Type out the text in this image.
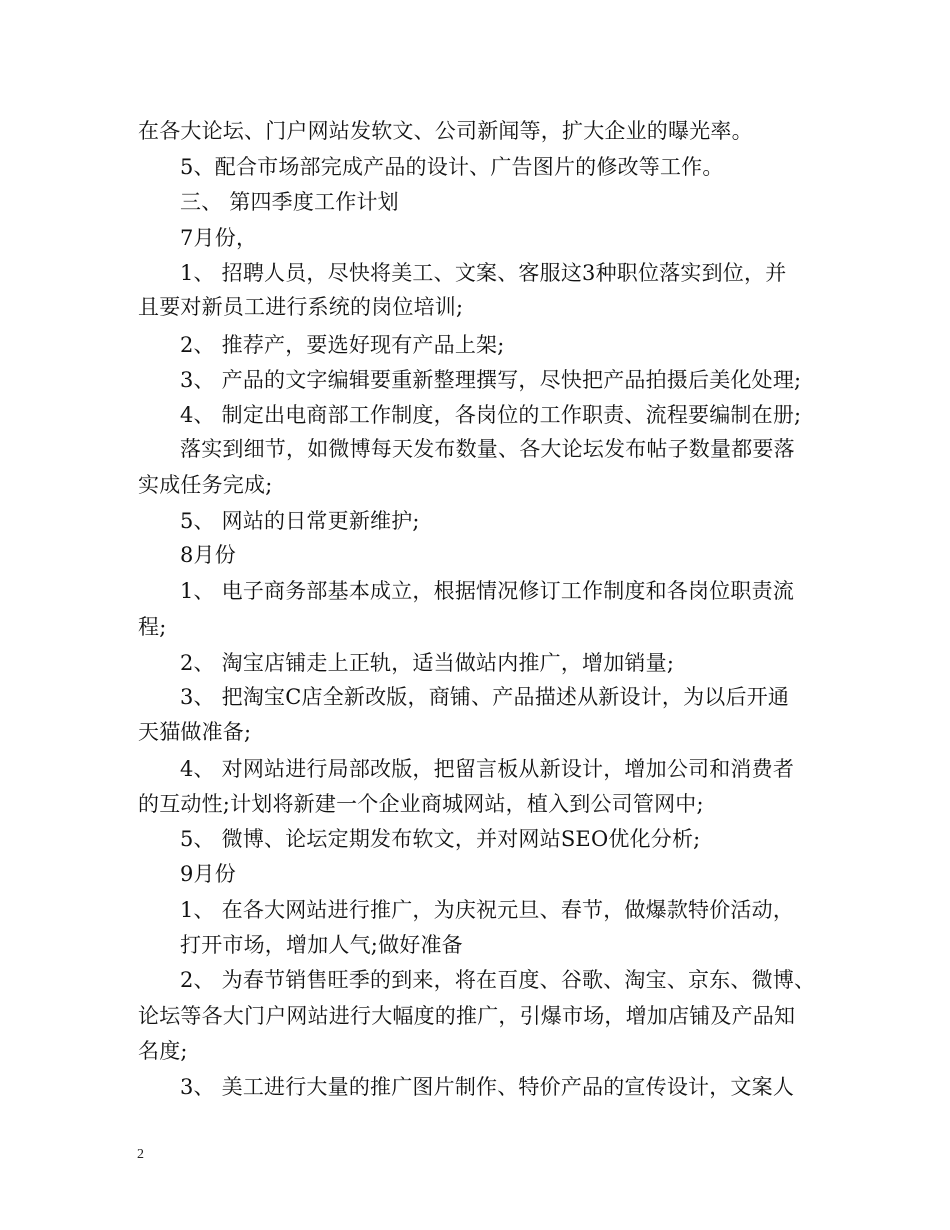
在各大论坛、门户网站发软文、公司新闻等，扩大企业的曝光率。
5、配合市场部完成产品的设计、广告图片的修改等工作。
三、 第四季度工作计划
7月份，
1、 招聘人员，尽快将美工、文案、客服这3种职位落实到位，并
且要对新员工进行系统的岗位培训;
2、 推荐产，要选好现有产品上架;
3、 产品的文字编辑要重新整理撰写，尽快把产品拍摄后美化处理;
4、 制定出电商部工作制度，各岗位的工作职责、流程要编制在册;
落实到细节，如微博每天发布数量、各大论坛发布帖子数量都要落
实成任务完成;
5、 网站的日常更新维护;
8月份
1、 电子商务部基本成立，根据情况修订工作制度和各岗位职责流
程;
2、 淘宝店铺走上正轨，适当做站内推广，增加销量;
3、 把淘宝C店全新改版，商铺、产品描述从新设计，为以后开通
天猫做准备;
4、 对网站进行局部改版，把留言板从新设计，增加公司和消费者
的互动性;计划将新建一个企业商城网站，植入到公司管网中;
5、 微博、论坛定期发布软文，并对网站SEO优化分析;
9月份
1、 在各大网站进行推广，为庆祝元旦、春节，做爆款特价活动，
打开市场，增加人气;做好准备
2、 为春节销售旺季的到来，将在百度、谷歌、淘宝、京东、微博、
论坛等各大门户网站进行大幅度的推广，引爆市场，增加店铺及产品知
名度;
3、 美工进行大量的推广图片制作、特价产品的宣传设计，文案人
2
